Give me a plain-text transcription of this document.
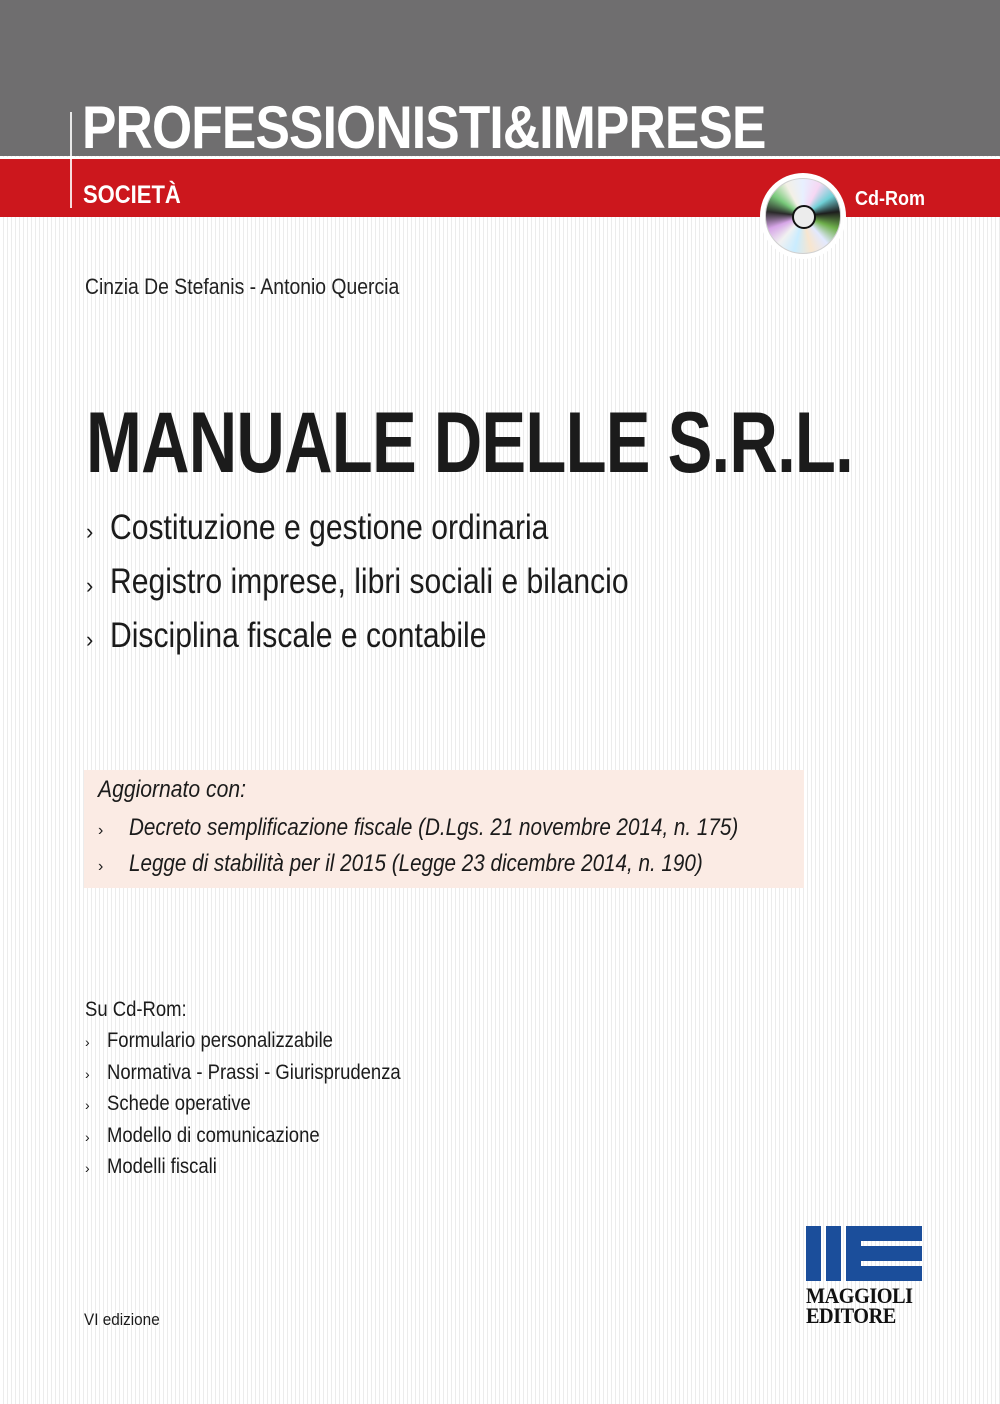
PROFESSIONISTI&IMPRESE
SOCIETÀ	Cd-Rom
Cinzia De Stefanis - Antonio Quercia
MANUALE DELLE S.R.L.
› Costituzione e gestione ordinaria
› Registro imprese, libri sociali e bilancio
› Disciplina fiscale e contabile
Aggiornato con:
› Decreto semplificazione fiscale (D.Lgs. 21 novembre 2014, n. 175)
› Legge di stabilità per il 2015 (Legge 23 dicembre 2014, n. 190)
Su Cd-Rom:
› Formulario personalizzabile
› Normativa - Prassi - Giurisprudenza
› Schede operative
› Modello di comunicazione
› Modelli fiscali
VI edizione
MAGGIOLI
EDITORE
